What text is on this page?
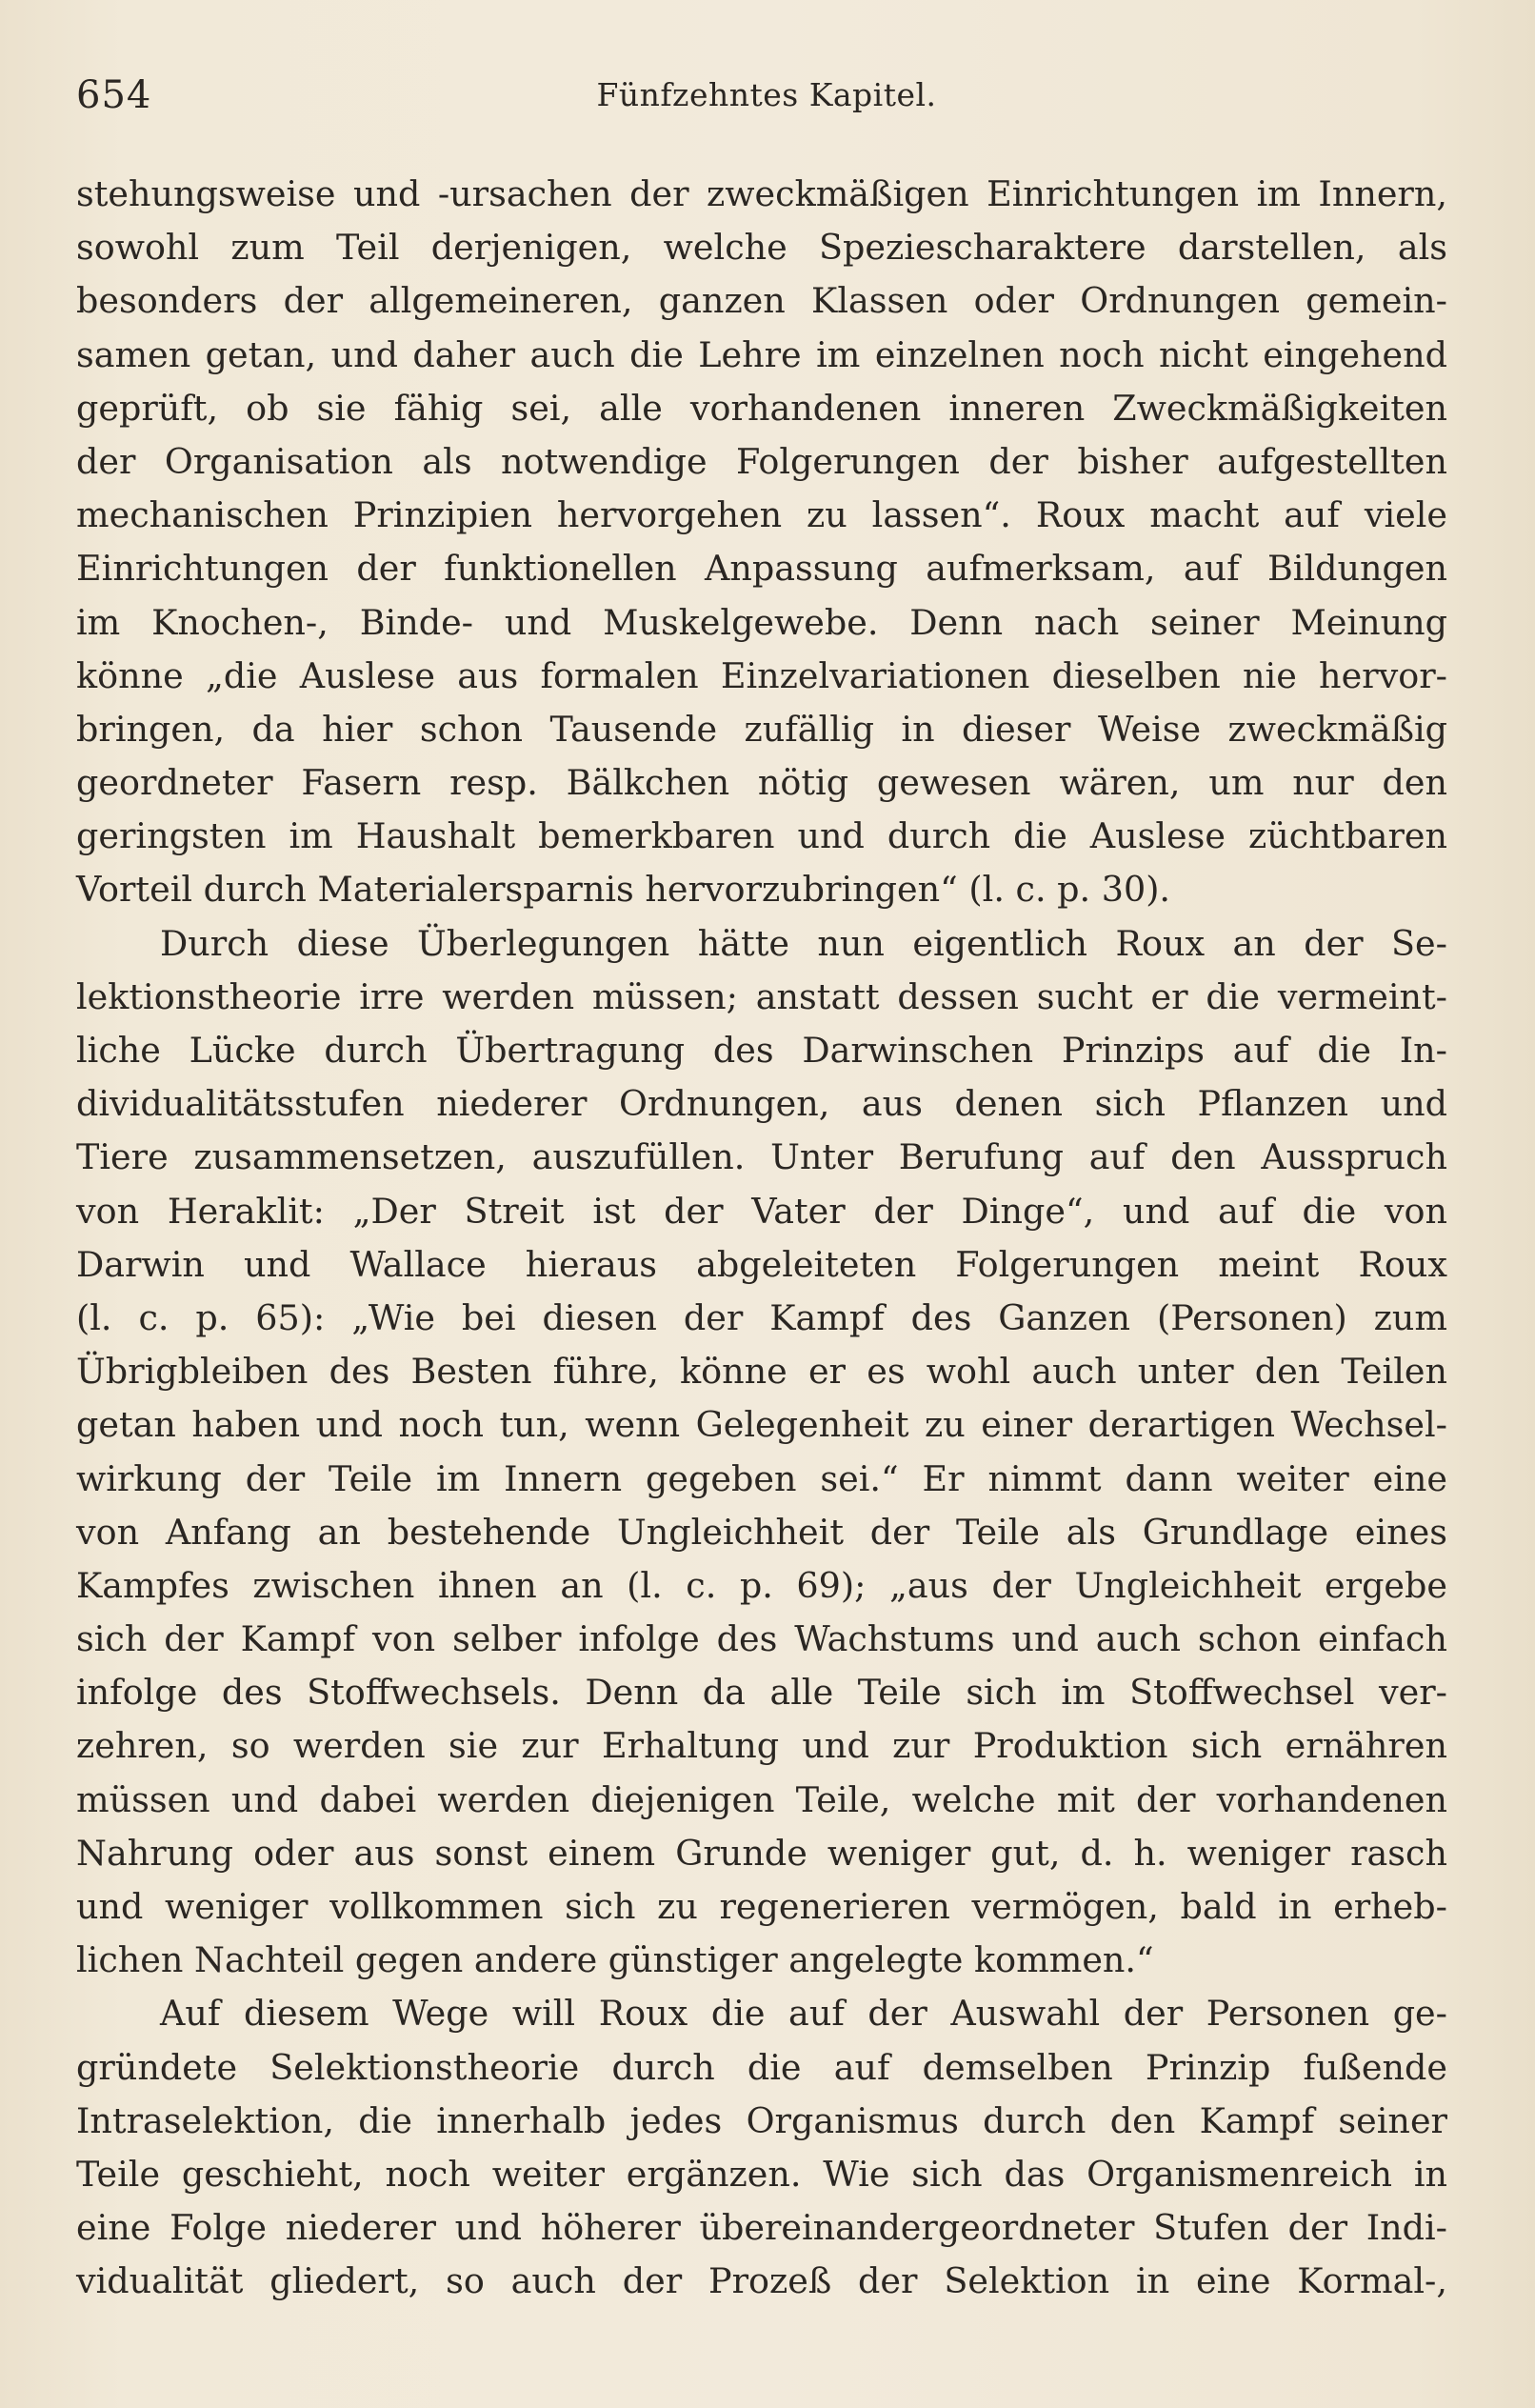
654	Fünfzehntes Kapitel.
stehungsweise und -ursachen der zweckmäßigen Einrichtungen im Innern,
sowohl zum Teil derjenigen, welche Speziescharaktere darstellen, als
besonders der allgemeineren, ganzen Klassen oder Ordnungen gemein-
samen getan, und daher auch die Lehre im einzelnen noch nicht eingehend
geprüft, ob sie fähig sei, alle vorhandenen inneren Zweckmäßigkeiten
der Organisation als notwendige Folgerungen der bisher aufgestellten
mechanischen Prinzipien hervorgehen zu lassen“. Roux macht auf viele
Einrichtungen der funktionellen Anpassung aufmerksam, auf Bildungen
im Knochen-, Binde- und Muskelgewebe. Denn nach seiner Meinung
könne „die Auslese aus formalen Einzelvariationen dieselben nie hervor-
bringen, da hier schon Tausende zufällig in dieser Weise zweckmäßig
geordneter Fasern resp. Bälkchen nötig gewesen wären, um nur den
geringsten im Haushalt bemerkbaren und durch die Auslese züchtbaren
Vorteil durch Materialersparnis hervorzubringen“ (l. c. p. 30).
Durch diese Überlegungen hätte nun eigentlich Roux an der Se-
lektionstheorie irre werden müssen; anstatt dessen sucht er die vermeint-
liche Lücke durch Übertragung des Darwinschen Prinzips auf die In-
dividualitätsstufen niederer Ordnungen, aus denen sich Pflanzen und
Tiere zusammensetzen, auszufüllen. Unter Berufung auf den Ausspruch
von Heraklit: „Der Streit ist der Vater der Dinge“, und auf die von
Darwin und Wallace hieraus abgeleiteten Folgerungen meint Roux
(l. c. p. 65): „Wie bei diesen der Kampf des Ganzen (Personen) zum
Übrigbleiben des Besten führe, könne er es wohl auch unter den Teilen
getan haben und noch tun, wenn Gelegenheit zu einer derartigen Wechsel-
wirkung der Teile im Innern gegeben sei.“ Er nimmt dann weiter eine
von Anfang an bestehende Ungleichheit der Teile als Grundlage eines
Kampfes zwischen ihnen an (l. c. p. 69); „aus der Ungleichheit ergebe
sich der Kampf von selber infolge des Wachstums und auch schon einfach
infolge des Stoffwechsels. Denn da alle Teile sich im Stoffwechsel ver-
zehren, so werden sie zur Erhaltung und zur Produktion sich ernähren
müssen und dabei werden diejenigen Teile, welche mit der vorhandenen
Nahrung oder aus sonst einem Grunde weniger gut, d. h. weniger rasch
und weniger vollkommen sich zu regenerieren vermögen, bald in erheb-
lichen Nachteil gegen andere günstiger angelegte kommen.“
Auf diesem Wege will Roux die auf der Auswahl der Personen ge-
gründete Selektionstheorie durch die auf demselben Prinzip fußende
Intraselektion, die innerhalb jedes Organismus durch den Kampf seiner
Teile geschieht, noch weiter ergänzen. Wie sich das Organismenreich in
eine Folge niederer und höherer übereinandergeordneter Stufen der Indi-
vidualität gliedert, so auch der Prozeß der Selektion in eine Kormal-,
